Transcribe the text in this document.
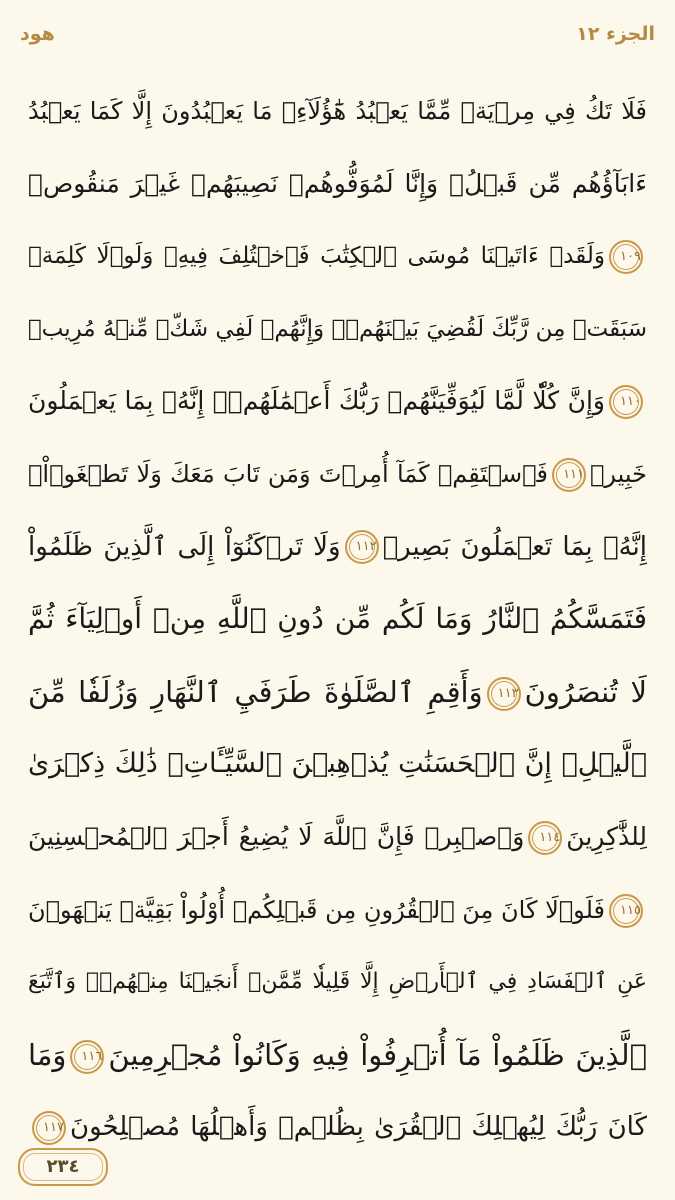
هود	الجزء ١٢
فَلَا تَكُ فِي مِرۡيَةٖ مِّمَّا يَعۡبُدُ هَٰٓؤُلَآءِۚ مَا يَعۡبُدُونَ إِلَّا كَمَا يَعۡبُدُ
ءَابَآؤُهُم مِّن قَبۡلُۚ وَإِنَّا لَمُوَفُّوهُمۡ نَصِيبَهُمۡ غَيۡرَ مَنقُوصٖ
١٠٩وَلَقَدۡ ءَاتَيۡنَا مُوسَى ٱلۡكِتَٰبَ فَٱخۡتُلِفَ فِيهِۚ وَلَوۡلَا كَلِمَةٞ
سَبَقَتۡ مِن رَّبِّكَ لَقُضِيَ بَيۡنَهُمۡۚ وَإِنَّهُمۡ لَفِي شَكّٖ مِّنۡهُ مُرِيبٖ
١١٠وَإِنَّ كُلّٗا لَّمَّا لَيُوَفِّيَنَّهُمۡ رَبُّكَ أَعۡمَٰلَهُمۡۚ إِنَّهُۥ بِمَا يَعۡمَلُونَ
خَبِيرٞ١١١فَٱسۡتَقِمۡ كَمَآ أُمِرۡتَ وَمَن تَابَ مَعَكَ وَلَا تَطۡغَوۡاْۚ
إِنَّهُۥ بِمَا تَعۡمَلُونَ بَصِيرٞ١١٢وَلَا تَرۡكَنُوٓاْ إِلَى ٱلَّذِينَ ظَلَمُواْ
فَتَمَسَّكُمُ ٱلنَّارُ وَمَا لَكُم مِّن دُونِ ٱللَّهِ مِنۡ أَوۡلِيَآءَ ثُمَّ
لَا تُنصَرُونَ١١٣وَأَقِمِ ٱلصَّلَوٰةَ طَرَفَيِ ٱلنَّهَارِ وَزُلَفٗا مِّنَ
ٱلَّيۡلِۚ إِنَّ ٱلۡحَسَنَٰتِ يُذۡهِبۡنَ ٱلسَّيِّـَٔاتِۚ ذَٰلِكَ ذِكۡرَىٰ
لِلذَّٰكِرِينَ١١٤وَٱصۡبِرۡ فَإِنَّ ٱللَّهَ لَا يُضِيعُ أَجۡرَ ٱلۡمُحۡسِنِينَ
١١٥فَلَوۡلَا كَانَ مِنَ ٱلۡقُرُونِ مِن قَبۡلِكُمۡ أُوْلُواْ بَقِيَّةٖ يَنۡهَوۡنَ
عَنِ ٱلۡفَسَادِ فِي ٱلۡأَرۡضِ إِلَّا قَلِيلٗا مِّمَّنۡ أَنجَيۡنَا مِنۡهُمۡۗ وَٱتَّبَعَ
ٱلَّذِينَ ظَلَمُواْ مَآ أُتۡرِفُواْ فِيهِ وَكَانُواْ مُجۡرِمِينَ١١٦وَمَا
كَانَ رَبُّكَ لِيُهۡلِكَ ٱلۡقُرَىٰ بِظُلۡمٖ وَأَهۡلُهَا مُصۡلِحُونَ١١٧
٢٣٤
